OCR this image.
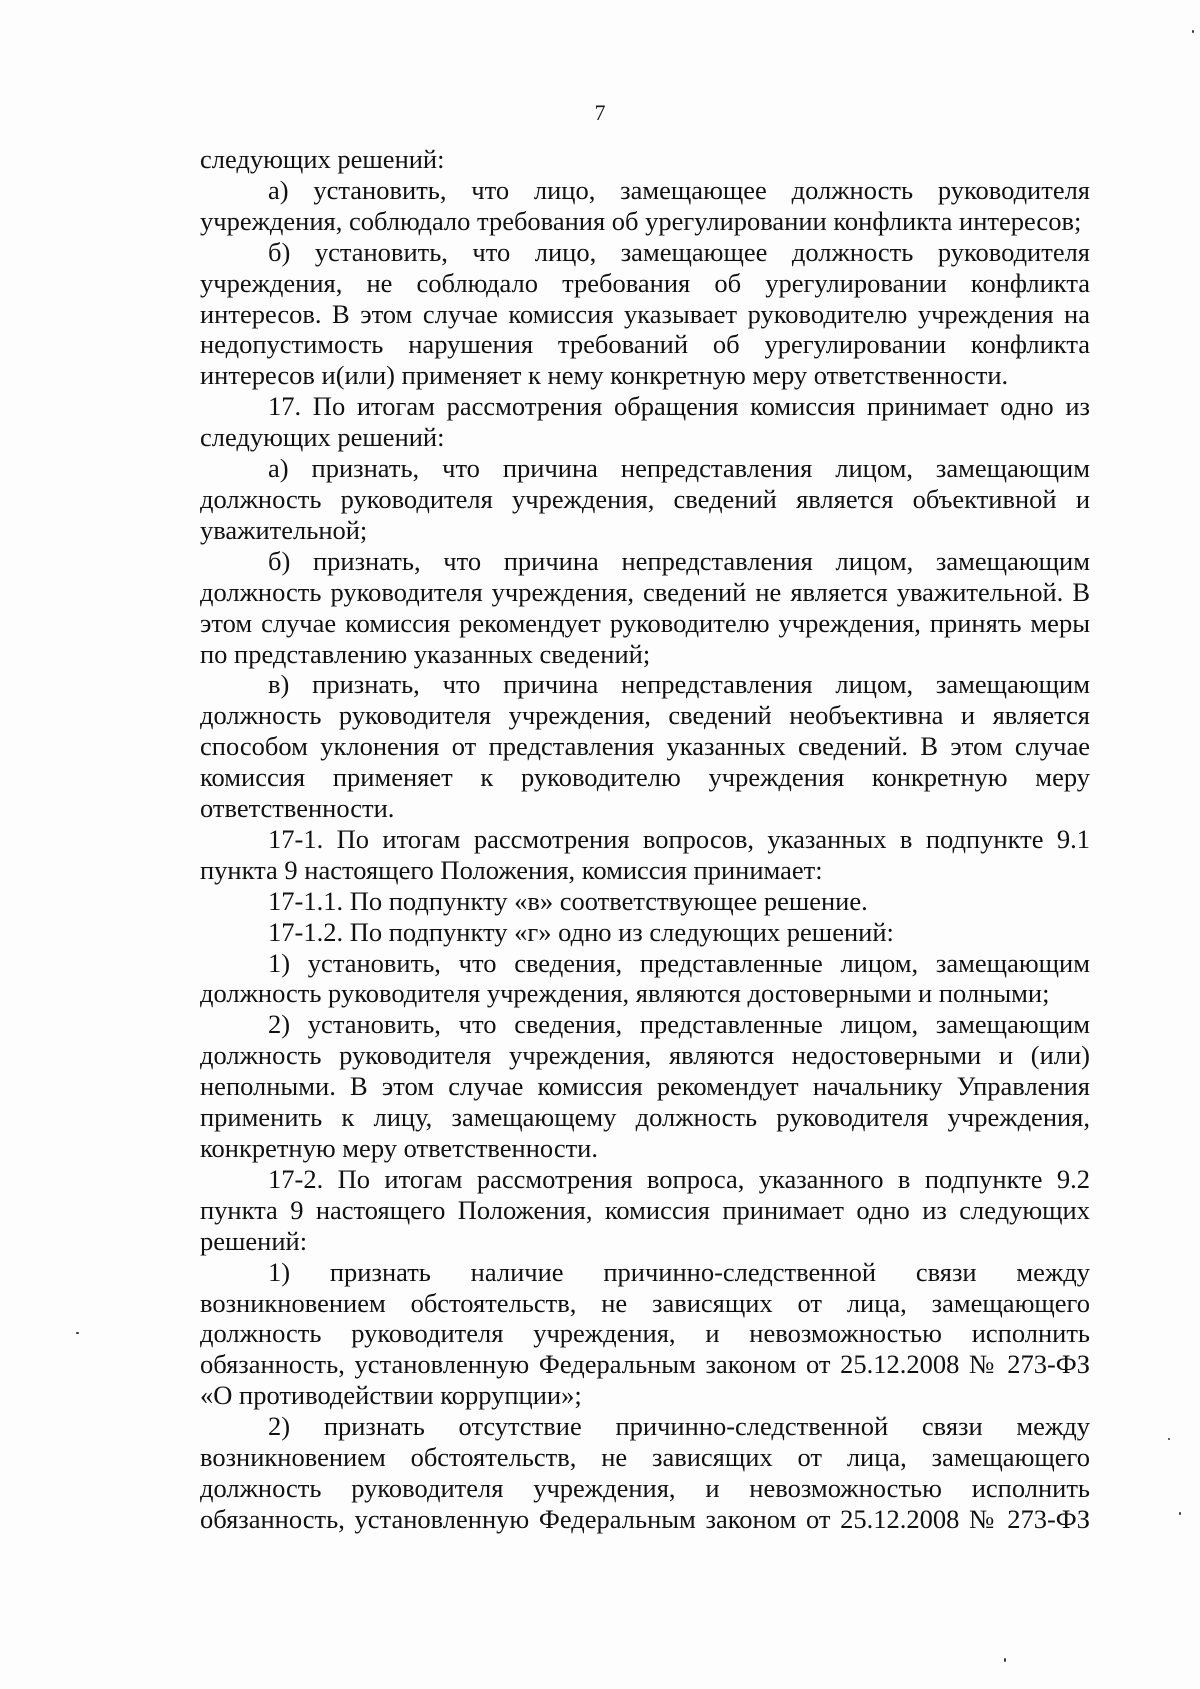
7

следующих решений:

а) установить, что лицо, замещающее должность руководителя учреждения, соблюдало требования об урегулировании конфликта интересов;

б) установить, что лицо, замещающее должность руководителя учреждения, не соблюдало требования об урегулировании конфликта интересов. В этом случае комиссия указывает руководителю учреждения на недопустимость нарушения требований об урегулировании конфликта интересов и(или) применяет к нему конкретную меру ответственности.

17. По итогам рассмотрения обращения комиссия принимает одно из следующих решений:

а) признать, что причина непредставления лицом, замещающим должность руководителя учреждения, сведений является объективной и уважительной;

б) признать, что причина непредставления лицом, замещающим должность руководителя учреждения, сведений не является уважительной. В этом случае комиссия рекомендует руководителю учреждения, принять меры по представлению указанных сведений;

в) признать, что причина непредставления лицом, замещающим должность руководителя учреждения, сведений необъективна и является способом уклонения от представления указанных сведений. В этом случае комиссия применяет к руководителю учреждения конкретную меру ответственности.

17-1. По итогам рассмотрения вопросов, указанных в подпункте 9.1 пункта 9 настоящего Положения, комиссия принимает:

17-1.1. По подпункту «в» соответствующее решение.

17-1.2. По подпункту «г» одно из следующих решений:

1) установить, что сведения, представленные лицом, замещающим должность руководителя учреждения, являются достоверными и полными;

2) установить, что сведения, представленные лицом, замещающим должность руководителя учреждения, являются недостоверными и (или) неполными. В этом случае комиссия рекомендует начальнику Управления применить к лицу, замещающему должность руководителя учреждения, конкретную меру ответственности.

17-2. По итогам рассмотрения вопроса, указанного в подпункте 9.2 пункта 9 настоящего Положения, комиссия принимает одно из следующих решений:

1) признать наличие причинно-следственной связи между возникновением обстоятельств, не зависящих от лица, замещающего должность руководителя учреждения, и невозможностью исполнить обязанность, установленную Федеральным законом от 25.12.2008 № 273-ФЗ «О противодействии коррупции»;

2) признать отсутствие причинно-следственной связи между возникновением обстоятельств, не зависящих от лица, замещающего должность руководителя учреждения, и невозможностью исполнить обязанность, установленную Федеральным законом от 25.12.2008 № 273-ФЗ
